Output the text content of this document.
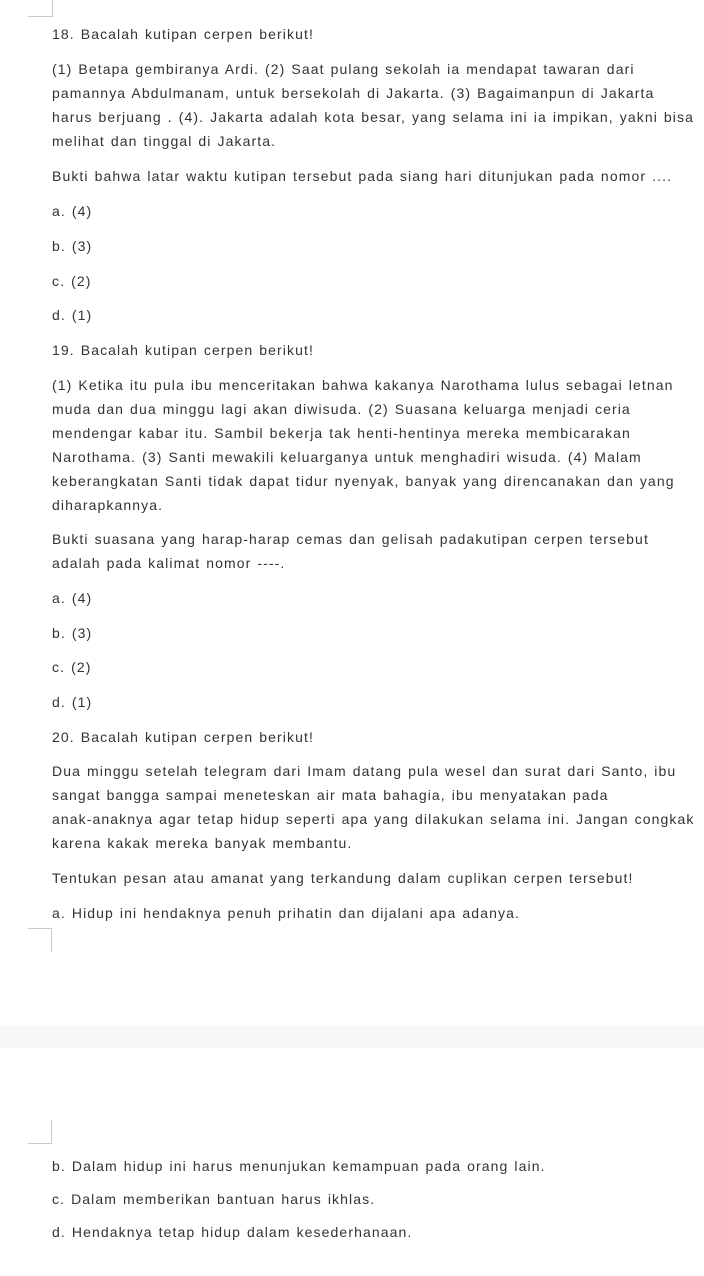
18. Bacalah kutipan cerpen berikut!

(1) Betapa gembiranya Ardi. (2) Saat pulang sekolah ia mendapat tawaran dari

pamannya Abdulmanam, untuk bersekolah di Jakarta. (3) Bagaimanpun di Jakarta

harus berjuang . (4). Jakarta adalah kota besar, yang selama ini ia impikan, yakni bisa

melihat dan tinggal di Jakarta.

Bukti bahwa latar waktu kutipan tersebut pada siang hari ditunjukan pada nomor ....

a. (4)

b. (3)

c. (2)

d. (1)

19. Bacalah kutipan cerpen berikut!

(1) Ketika itu pula ibu menceritakan bahwa kakanya Narothama lulus sebagai letnan

muda dan dua minggu lagi akan diwisuda. (2) Suasana keluarga menjadi ceria

mendengar kabar itu. Sambil bekerja tak henti-hentinya mereka membicarakan

Narothama. (3) Santi mewakili keluarganya untuk menghadiri wisuda. (4) Malam

keberangkatan Santi tidak dapat tidur nyenyak, banyak yang direncanakan dan yang

diharapkannya.

Bukti suasana yang harap-harap cemas dan gelisah padakutipan cerpen tersebut

adalah pada kalimat nomor ----.

a. (4)

b. (3)

c. (2)

d. (1)

20. Bacalah kutipan cerpen berikut!

Dua minggu setelah telegram dari Imam datang pula wesel dan surat dari Santo, ibu

sangat bangga sampai meneteskan air mata bahagia, ibu menyatakan pada

anak-anaknya agar tetap hidup seperti apa yang dilakukan selama ini. Jangan congkak

karena kakak mereka banyak membantu.

Tentukan pesan atau amanat yang terkandung dalam cuplikan cerpen tersebut!

a. Hidup ini hendaknya penuh prihatin dan dijalani apa adanya.

b. Dalam hidup ini harus menunjukan kemampuan pada orang lain.

c. Dalam memberikan bantuan harus ikhlas.

d. Hendaknya tetap hidup dalam kesederhanaan.
